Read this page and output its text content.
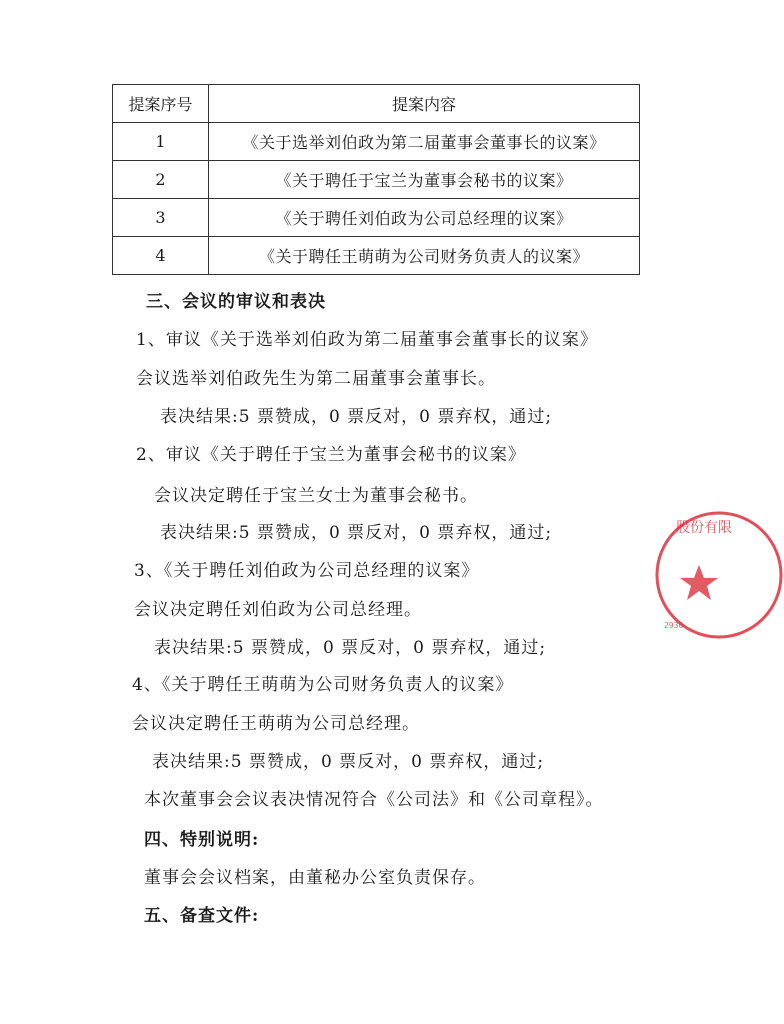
提案序号	提案内容
1	《关于选举刘伯政为第二届董事会董事长的议案》
2	《关于聘任于宝兰为董事会秘书的议案》
3	《关于聘任刘伯政为公司总经理的议案》
4	《关于聘任王萌萌为公司财务负责人的议案》
三、会议的审议和表决
1、审议《关于选举刘伯政为第二届董事会董事长的议案》
会议选举刘伯政先生为第二届董事会董事长。
表决结果:5 票赞成，0 票反对，0 票弃权，通过;
2、审议《关于聘任于宝兰为董事会秘书的议案》
会议决定聘任于宝兰女士为董事会秘书。
表决结果:5 票赞成，0 票反对，0 票弃权，通过;
3、《关于聘任刘伯政为公司总经理的议案》
会议决定聘任刘伯政为公司总经理。
表决结果:5 票赞成，0 票反对，0 票弃权，通过;
4、《关于聘任王萌萌为公司财务负责人的议案》
会议决定聘任王萌萌为公司总经理。
表决结果:5 票赞成，0 票反对，0 票弃权，通过;
本次董事会会议表决情况符合《公司法》和《公司章程》。
四、特别说明:
董事会会议档案，由董秘办公室负责保存。
五、备查文件:
股份有限
2930
